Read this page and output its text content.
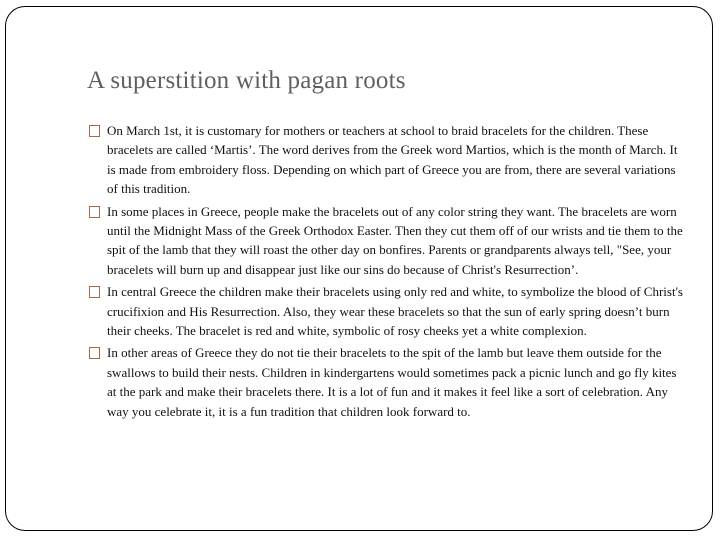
A superstition with pagan roots
On March 1st, it is customary for mothers or teachers at school to braid bracelets for the children. These bracelets are called ‘Martis’. The word derives from the Greek word Martios, which is the month of March. It is made from embroidery floss. Depending on which part of Greece you are from, there are several variations of this tradition.
In some places in Greece, people make the bracelets out of any color string they want. The bracelets are worn until the Midnight Mass of the Greek Orthodox Easter. Then they cut them off of our wrists and tie them to the spit of the lamb that they will roast the other day on bonfires. Parents or grandparents always tell, "See, your bracelets will burn up and disappear just like our sins do because of Christ's Resurrection’.
In central Greece the children make their bracelets using only red and white, to symbolize the blood of Christ's crucifixion and His Resurrection. Also, they wear these bracelets so that the sun of early spring doesn’t burn their cheeks. The bracelet is red and white, symbolic of rosy cheeks yet a white complexion.
In other areas of Greece they do not tie their bracelets to the spit of the lamb but leave them outside for the swallows to build their nests. Children in kindergartens would sometimes pack a picnic lunch and go fly kites at the park and make their bracelets there. It is a lot of fun and it makes it feel like a sort of celebration. Any way you celebrate it, it is a fun tradition that children look forward to.
